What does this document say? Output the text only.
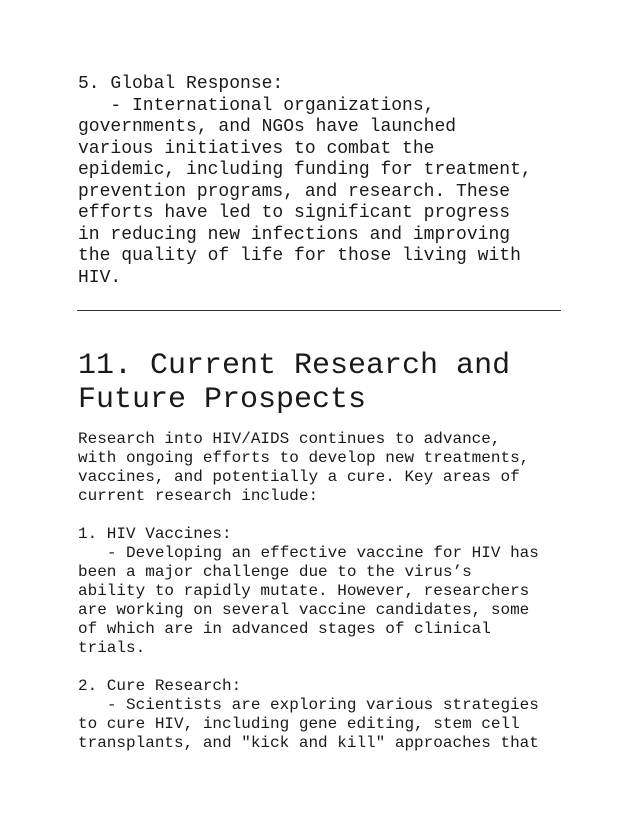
5. Global Response:
- International organizations,
governments, and NGOs have launched
various initiatives to combat the
epidemic, including funding for treatment,
prevention programs, and research. These
efforts have led to significant progress
in reducing new infections and improving
the quality of life for those living with
HIV.

11. Current Research and
Future Prospects

Research into HIV/AIDS continues to advance,
with ongoing efforts to develop new treatments,
vaccines, and potentially a cure. Key areas of
current research include:

1. HIV Vaccines:
- Developing an effective vaccine for HIV has
been a major challenge due to the virus’s
ability to rapidly mutate. However, researchers
are working on several vaccine candidates, some
of which are in advanced stages of clinical
trials.

2. Cure Research:
- Scientists are exploring various strategies
to cure HIV, including gene editing, stem cell
transplants, and "kick and kill" approaches that
